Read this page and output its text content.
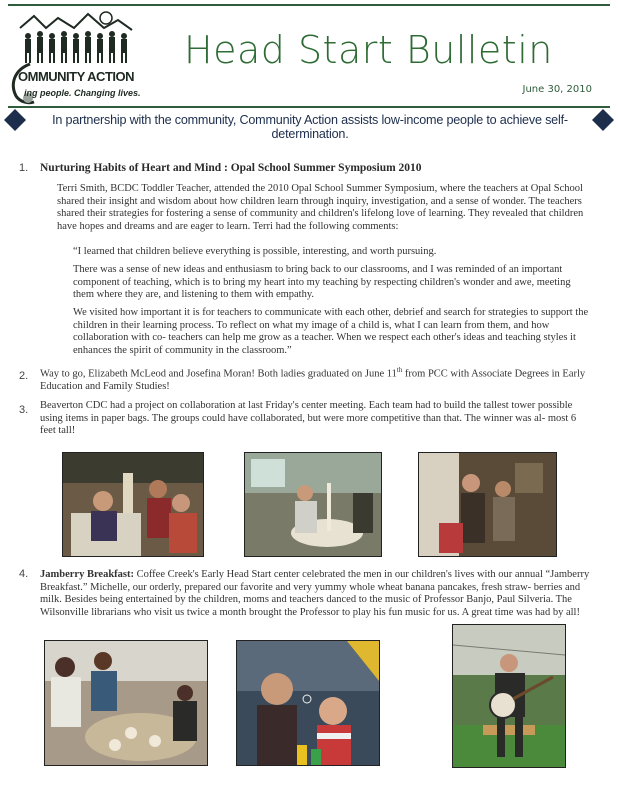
OMMUNITY ACTION
ing people. Changing lives.
Head Start Bulletin
June 30, 2010
In partnership with the community, Community Action assists low-income people to achieve self-determination.
1. Nurturing Habits of Heart and Mind : Opal School Summer Symposium 2010

Terri Smith, BCDC Toddler Teacher, attended the 2010 Opal School Summer Symposium, where the teachers at Opal School shared their insight and wisdom about how children learn through inquiry, investigation, and a sense of wonder. The teachers shared their strategies for fostering a sense of community and children's lifelong love of learning. They revealed that children have hopes and dreams and are eager to learn. Terri had the following comments:

“I learned that children believe everything is possible, interesting, and worth pursuing.

There was a sense of new ideas and enthusiasm to bring back to our classrooms, and I was reminded of an important component of teaching, which is to bring my heart into my teaching by respecting children's wonder and awe, meeting them where they are, and listening to them with empathy.

We visited how important it is for teachers to communicate with each other, debrief and search for strategies to support the children in their learning process. To reflect on what my image of a child is, what I can learn from them, and how collaboration with co- teachers can help me grow as a teacher. When we respect each other's ideas and teaching styles it enhances the spirit of community in the classroom.”

2. Way to go, Elizabeth McLeod and Josefina Moran! Both ladies graduated on June 11th from PCC with Associate Degrees in Early Education and Family Studies!

3. Beaverton CDC had a project on collaboration at last Friday's center meeting. Each team had to build the tallest tower possible using items in paper bags. The groups could have collaborated, but were more competitive than that. The winner was al- most 6 feet tall!

4. Jamberry Breakfast: Coffee Creek's Early Head Start center celebrated the men in our children's lives with our annual “Jamberry Breakfast.” Michelle, our orderly, prepared our favorite and very yummy whole wheat banana pancakes, fresh straw- berries and milk. Besides being entertained by the children, moms and teachers danced to the music of Professor Banjo, Paul Silveria. The Wilsonville librarians who visit us twice a month brought the Professor to play his fun music for us. A great time was had by all!
